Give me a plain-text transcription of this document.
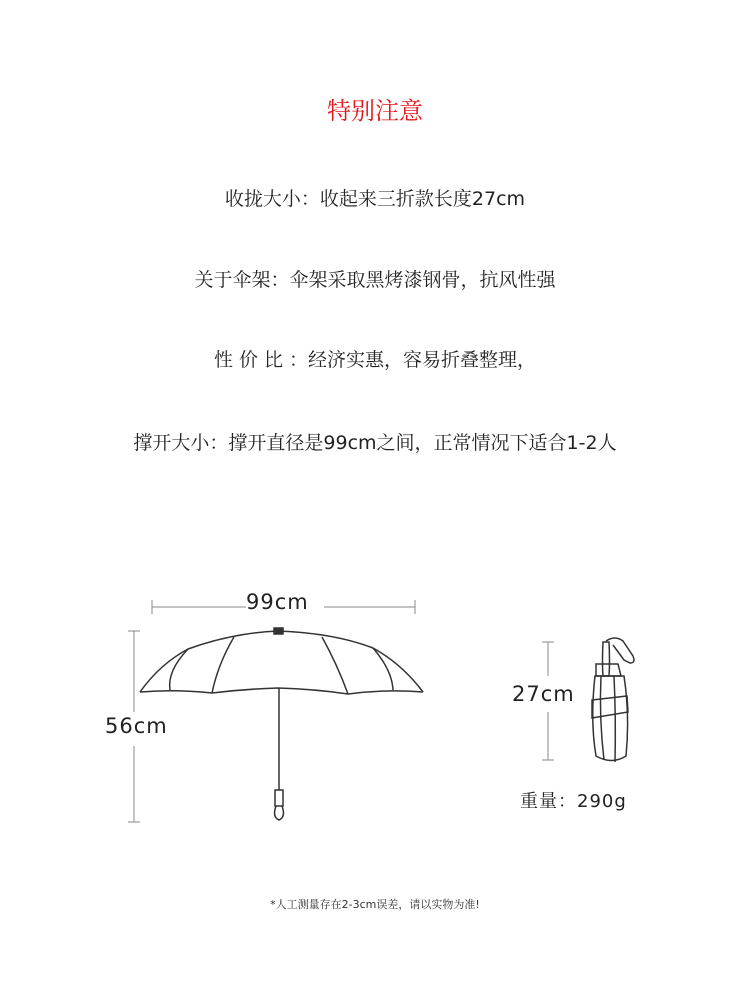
特别注意
收拢大小：收起来三折款长度27cm
关于伞架：伞架采取黑烤漆钢骨，抗风性强
性 价 比 ：经济实惠，容易折叠整理，
撑开大小：撑开直径是99cm之间，正常情况下适合1-2人
99cm
56cm
27cm
重量：290g
*人工测量存在2-3cm误差，请以实物为准!
